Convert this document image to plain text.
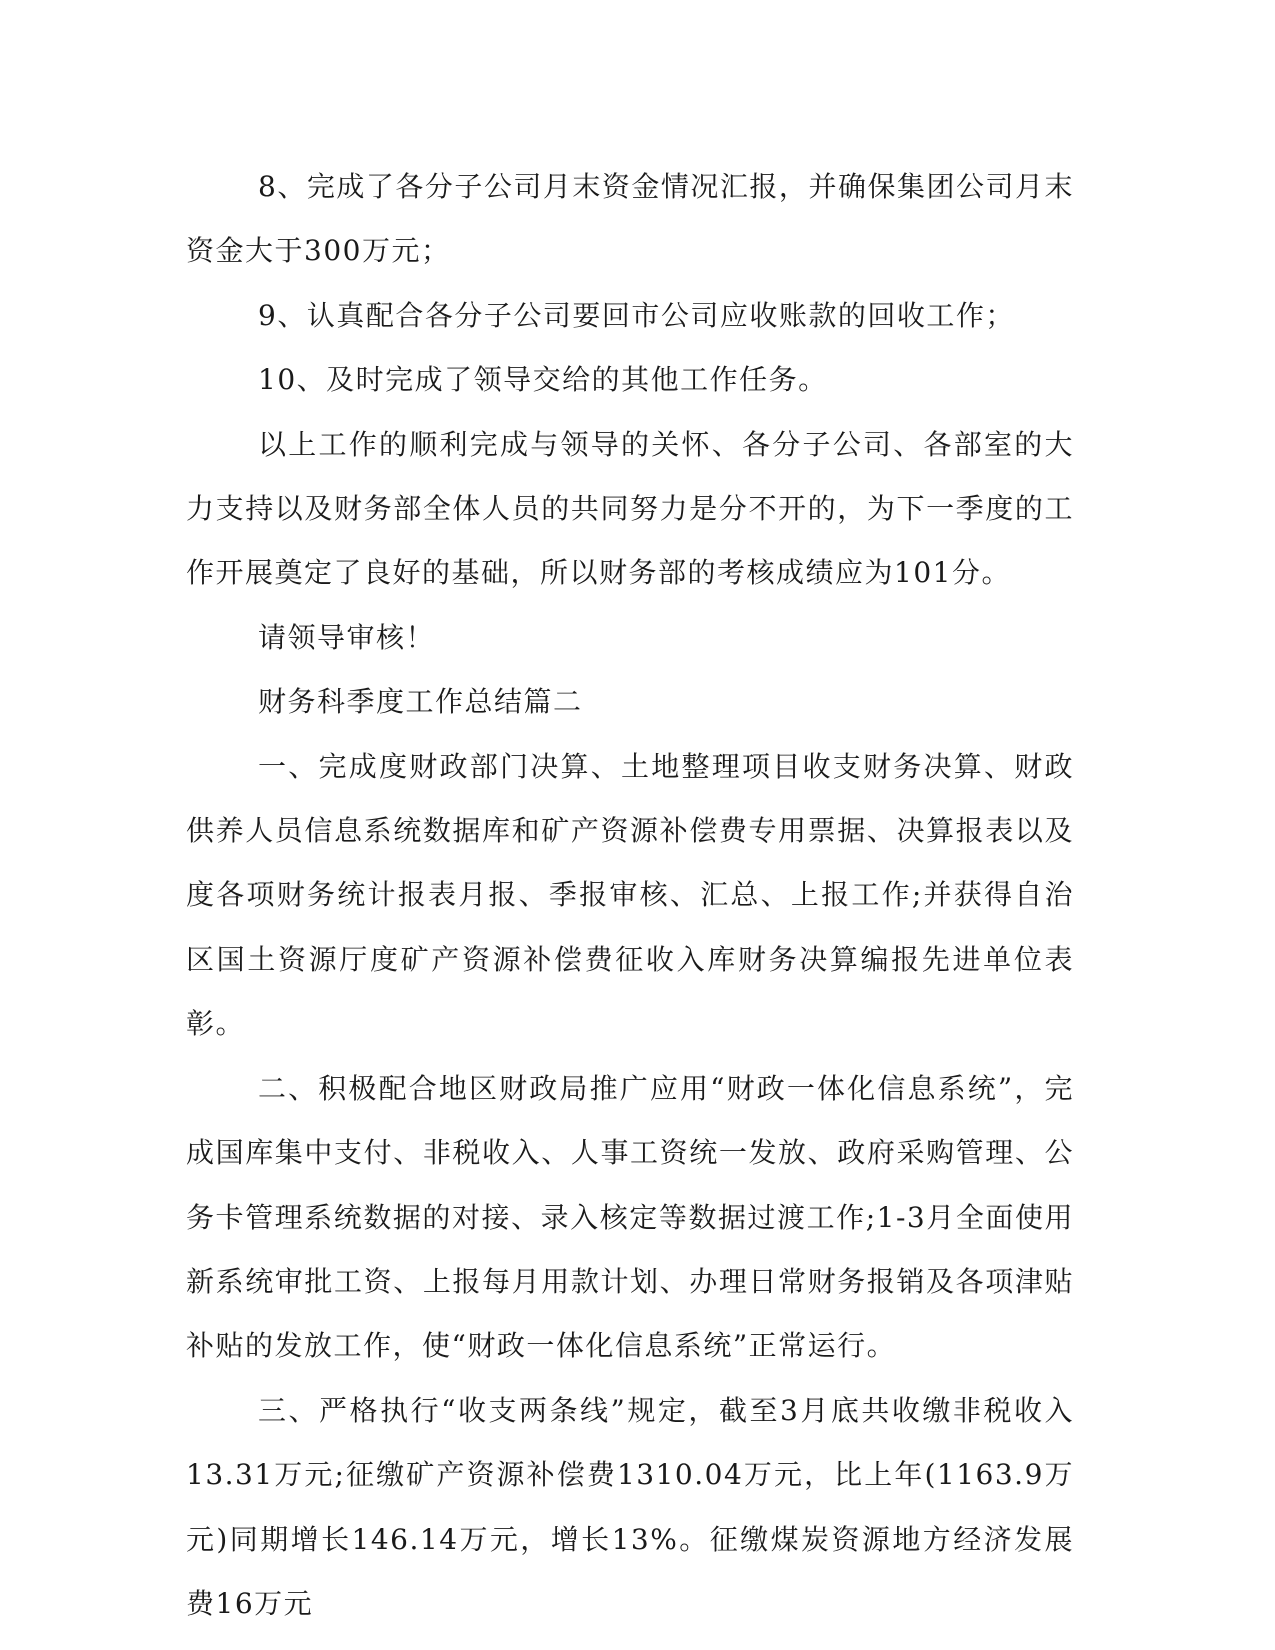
8、完成了各分子公司月末资金情况汇报，并确保集团公司月末资金大于300万元；

9、认真配合各分子公司要回市公司应收账款的回收工作；

10、及时完成了领导交给的其他工作任务。

以上工作的顺利完成与领导的关怀、各分子公司、各部室的大力支持以及财务部全体人员的共同努力是分不开的，为下一季度的工作开展奠定了良好的基础，所以财务部的考核成绩应为101分。

请领导审核！

财务科季度工作总结篇二

一、完成度财政部门决算、土地整理项目收支财务决算、财政供养人员信息系统数据库和矿产资源补偿费专用票据、决算报表以及度各项财务统计报表月报、季报审核、汇总、上报工作;并获得自治区国土资源厅度矿产资源补偿费征收入库财务决算编报先进单位表彰。

二、积极配合地区财政局推广应用“财政一体化信息系统”，完成国库集中支付、非税收入、人事工资统一发放、政府采购管理、公务卡管理系统数据的对接、录入核定等数据过渡工作;1-3月全面使用新系统审批工资、上报每月用款计划、办理日常财务报销及各项津贴补贴的发放工作，使“财政一体化信息系统”正常运行。

三、严格执行“收支两条线”规定，截至3月底共收缴非税收入13.31万元;征缴矿产资源补偿费1310.04万元，比上年(1163.9万元)同期增长146.14万元，增长13%。征缴煤炭资源地方经济发展费16万元
